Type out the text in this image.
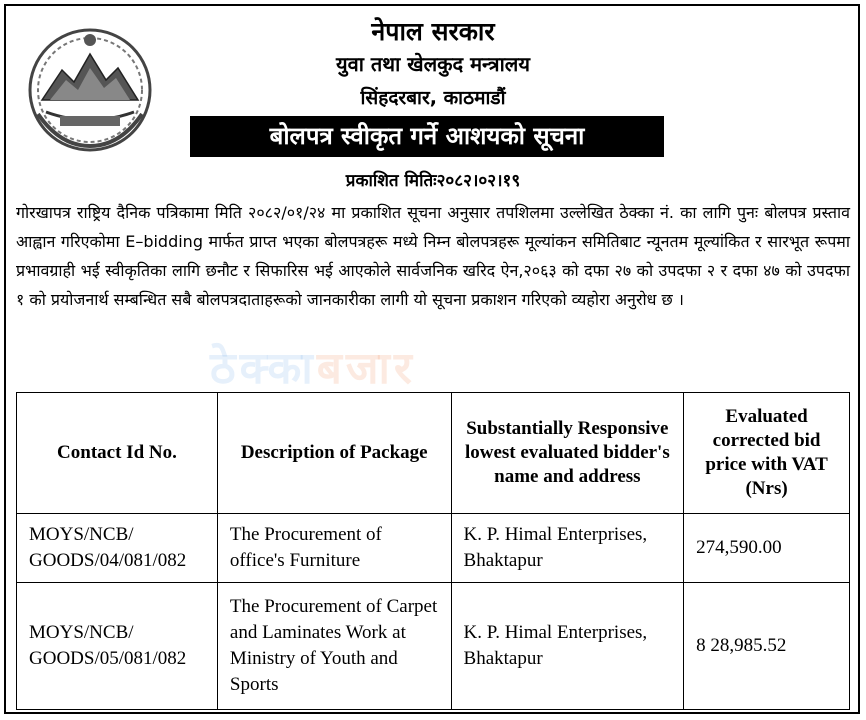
नेपाल सरकार
युवा तथा खेलकुद मन्त्रालय
सिंहदरबार, काठमाडौं
बोलपत्र स्वीकृत गर्ने आशयको सूचना
प्रकाशित मितिः२०८२।०२।१९
गोरखापत्र राष्ट्रिय दैनिक पत्रिकामा मिति २०८२/०१/२४ मा प्रकाशित सूचना अनुसार तपशिलमा उल्लेखित ठेक्का नं. का लागि पुनः बोलपत्र प्रस्ताव आह्वान गरिएकोमा E–bidding मार्फत प्राप्त भएका बोलपत्रहरू मध्ये निम्न बोलपत्रहरू मूल्यांकन समितिबाट न्यूनतम मूल्यांकित र सारभूत रूपमा प्रभावग्राही भई स्वीकृतिका लागि छनौट र सिफारिस भई आएकोले सार्वजनिक खरिद ऐन,२०६३ को दफा २७ को उपदफा २ र दफा ४७ को उपदफा १ को प्रयोजनार्थ सम्बन्धित सबै बोलपत्रदाताहरूको जानकारीका लागी यो सूचना प्रकाशन गरिएको व्यहोरा अनुरोध छ ।
ठेक्काबजार
Contact Id No.	Description of Package	Substantially Responsive lowest evaluated bidder's name and address	Evaluated corrected bid price with VAT (Nrs)
MOYS/NCB/ GOODS/04/081/082	The Procurement of office's Furniture	K. P. Himal Enterprises, Bhaktapur	274,590.00
MOYS/NCB/ GOODS/05/081/082	The Procurement of Carpet and Laminates Work at Ministry of Youth and Sports	K. P. Himal Enterprises, Bhaktapur	8 28,985.52
